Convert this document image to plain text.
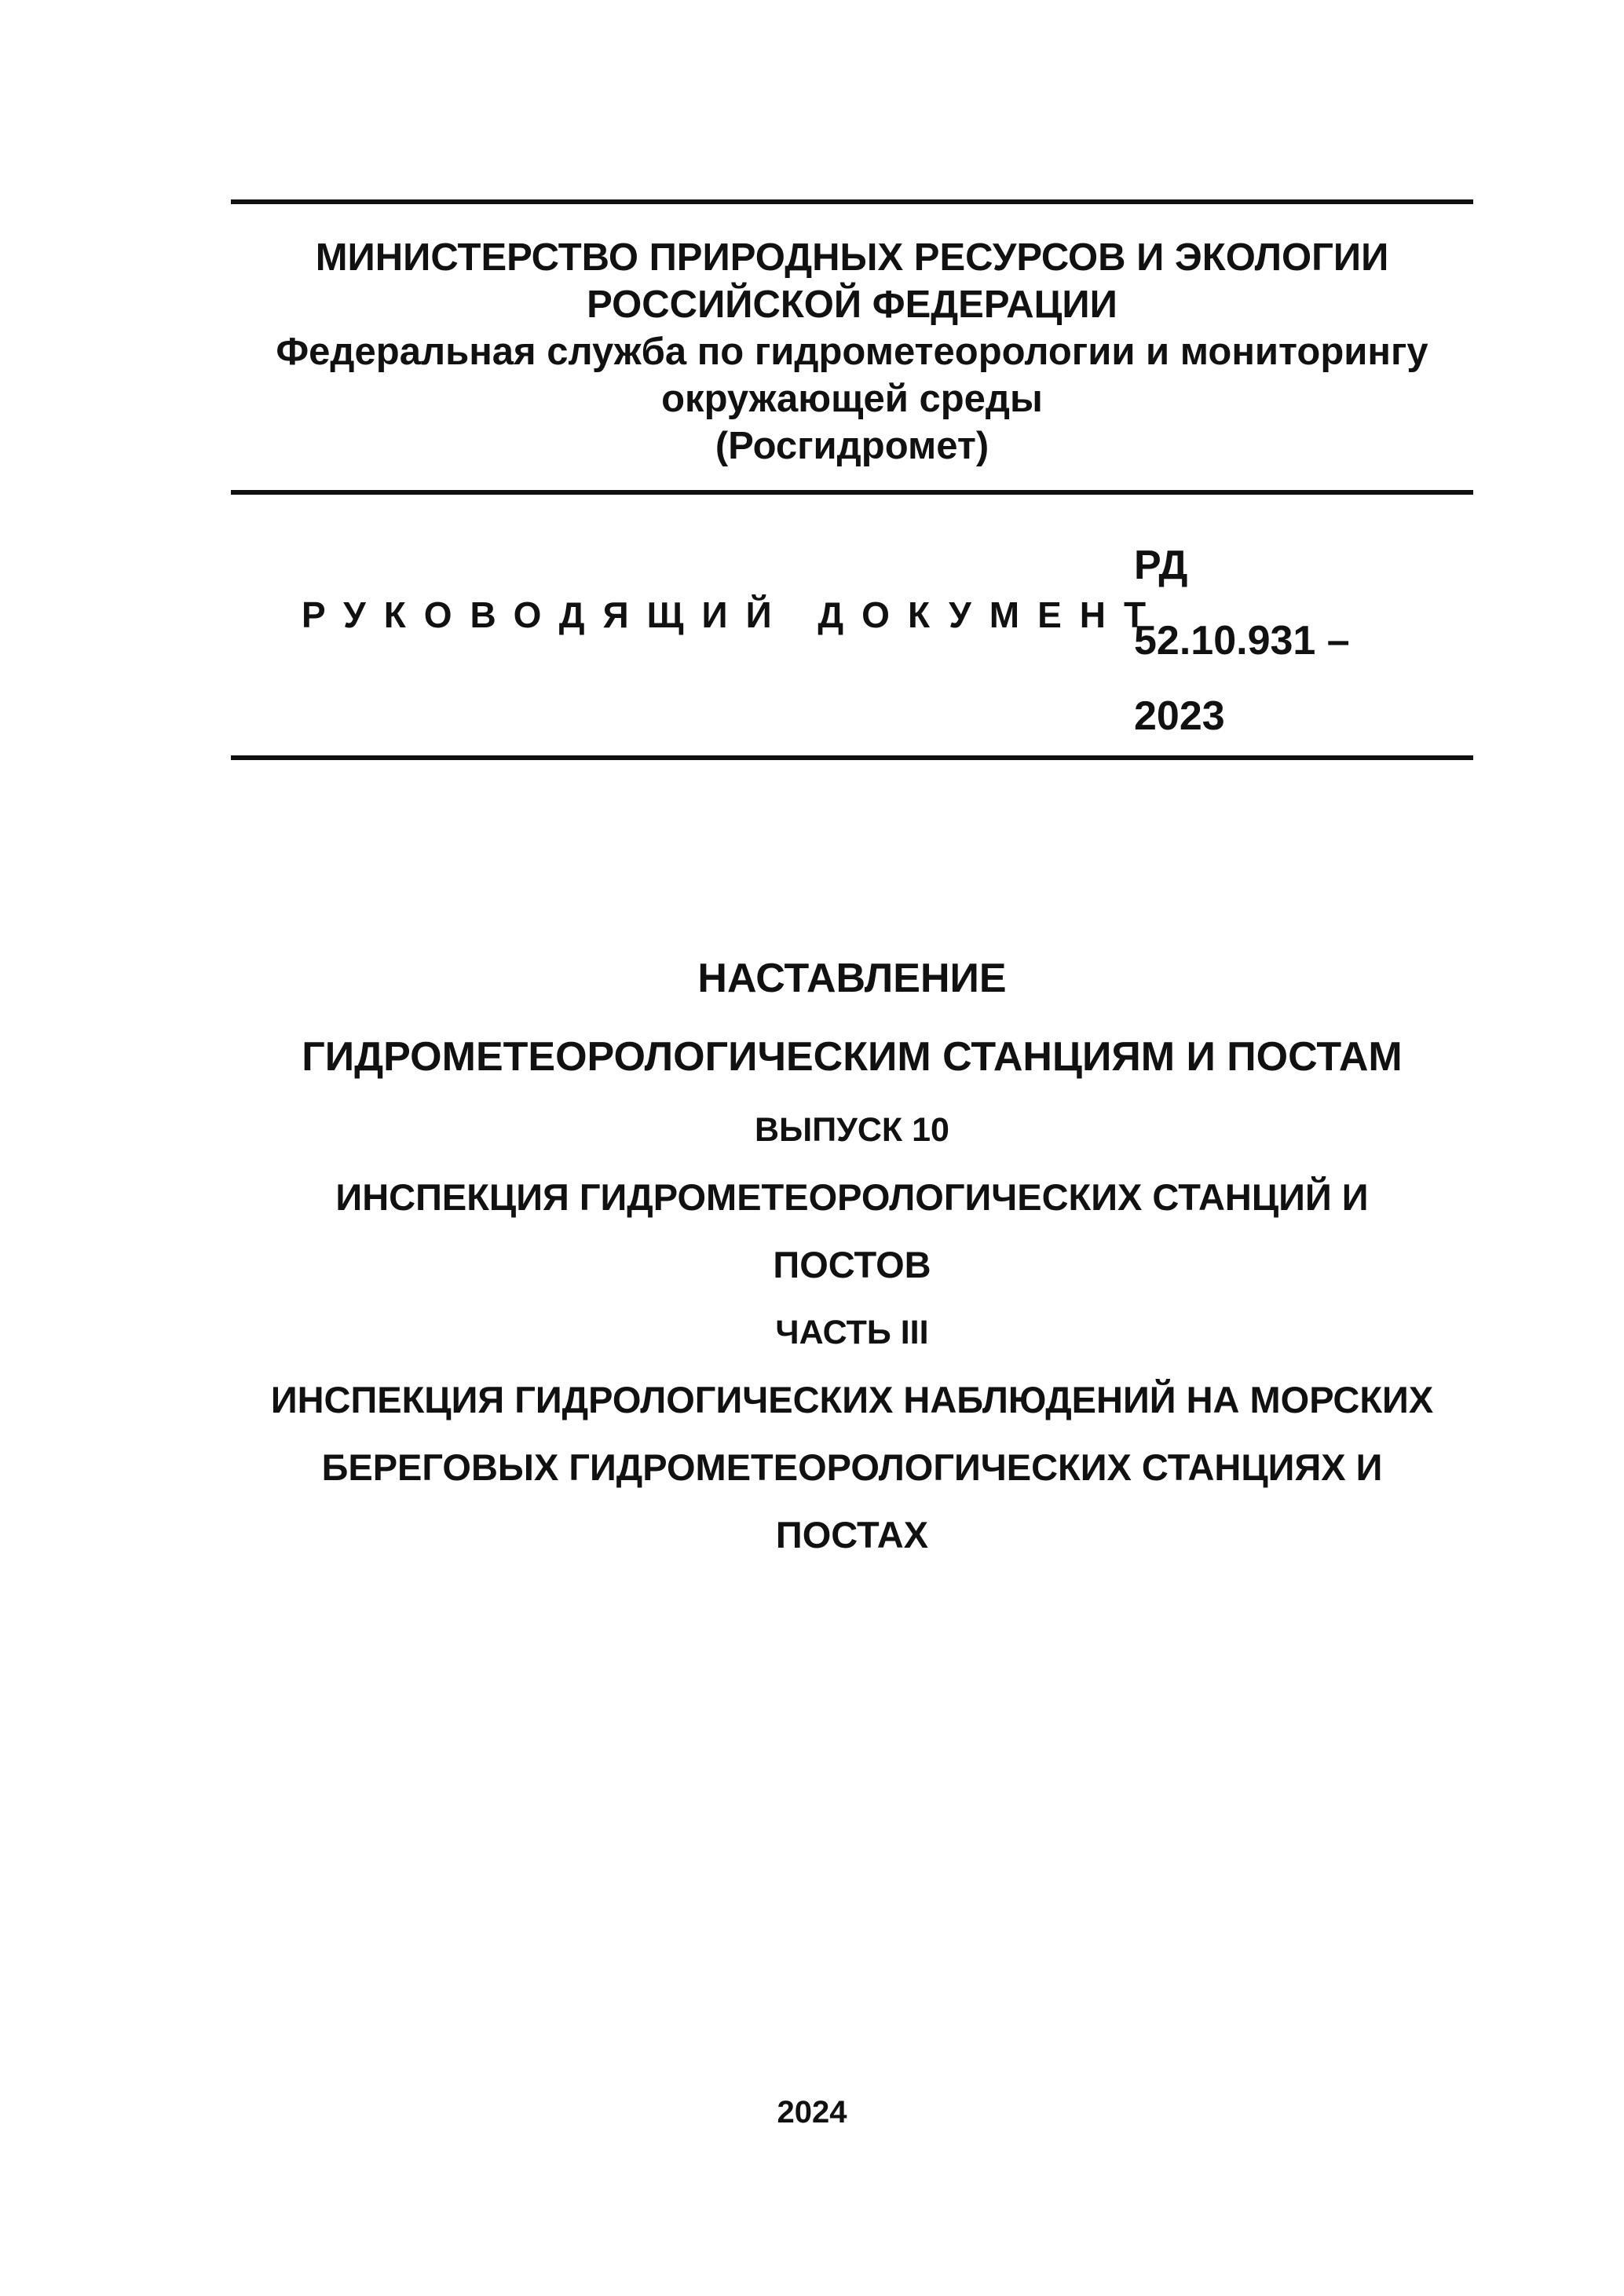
МИНИСТЕРСТВО ПРИРОДНЫХ РЕСУРСОВ И ЭКОЛОГИИ
РОССИЙСКОЙ ФЕДЕРАЦИИ
Федеральная служба по гидрометеорологии и мониторингу
окружающей среды
(Росгидромет)
РУКОВОДЯЩИЙ ДОКУМЕНТ
РД
52.10.931 –
2023
НАСТАВЛЕНИЕ
ГИДРОМЕТЕОРОЛОГИЧЕСКИМ СТАНЦИЯМ И ПОСТАМ
ВЫПУСК 10
ИНСПЕКЦИЯ ГИДРОМЕТЕОРОЛОГИЧЕСКИХ СТАНЦИЙ И
ПОСТОВ
ЧАСТЬ III
ИНСПЕКЦИЯ ГИДРОЛОГИЧЕСКИХ НАБЛЮДЕНИЙ НА МОРСКИХ
БЕРЕГОВЫХ ГИДРОМЕТЕОРОЛОГИЧЕСКИХ СТАНЦИЯХ И
ПОСТАХ
2024
